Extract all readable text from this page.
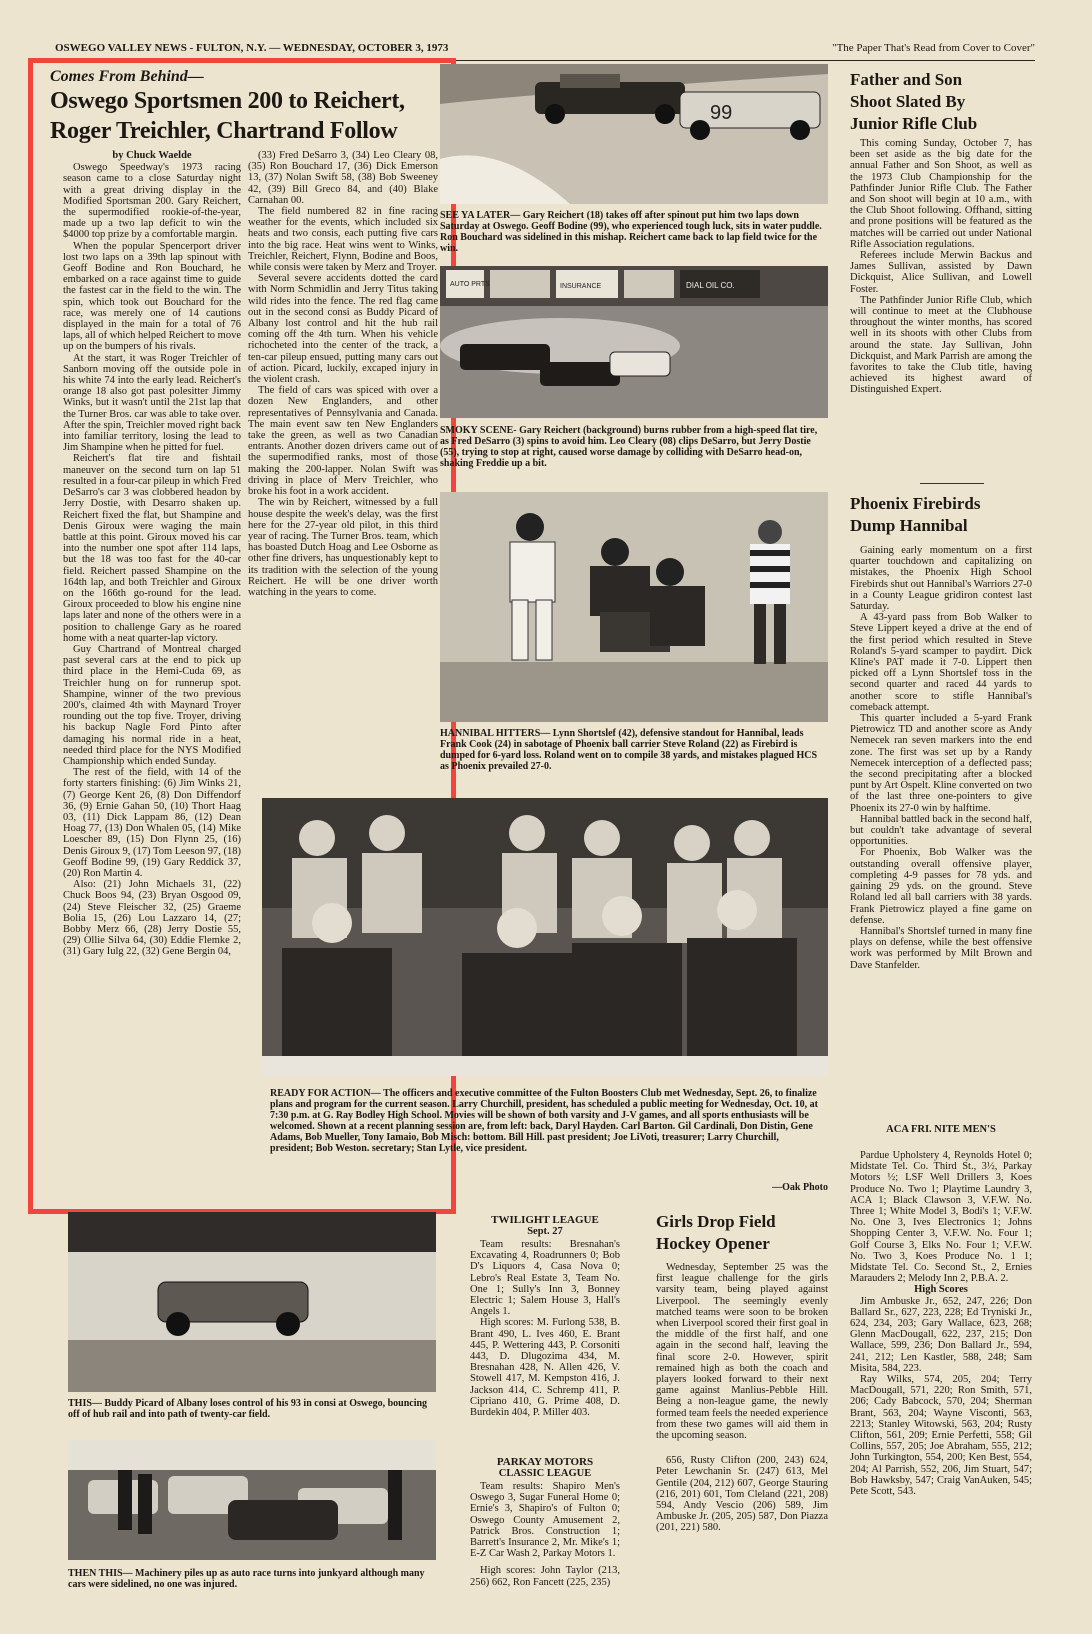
OSWEGO VALLEY NEWS - FULTON, N.Y. — WEDNESDAY, OCTOBER 3, 1973	"The Paper That's Read from Cover to Cover"
Comes From Behind—
Oswego Sportsmen 200 to Reichert,
Roger Treichler, Chartrand Follow
by Chuck Waelde

Oswego Speedway's 1973 racing season came to a close Saturday night with a great driving display in the Modified Sportsman 200. Gary Reichert, the supermodified rookie-of-the-year, made up a two lap deficit to win the $4000 top prize by a comfortable margin.

When the popular Spencerport driver lost two laps on a 39th lap spinout with Geoff Bodine and Ron Bouchard, he embarked on a race against time to guide the fastest car in the field to the win. The spin, which took out Bouchard for the race, was merely one of 14 cautions displayed in the main for a total of 76 laps, all of which helped Reichert to move up on the bumpers of his rivals.

At the start, it was Roger Treichler of Sanborn moving off the outside pole in his white 74 into the early lead. Reichert's orange 18 also got past polesitter Jimmy Winks, but it wasn't until the 21st lap that the Turner Bros. car was able to take over. After the spin, Treichler moved right back into familiar territory, losing the lead to Jim Shampine when he pitted for fuel.

Reichert's flat tire and fishtail maneuver on the second turn on lap 51 resulted in a four-car pileup in which Fred DeSarro's car 3 was clobbered headon by Jerry Dostie, with Desarro shaken up. Reichert fixed the flat, but Shampine and Denis Giroux were waging the main battle at this point. Giroux moved his car into the number one spot after 114 laps, but the 18 was too fast for the 40-car field. Reichert passed Shampine on the 164th lap, and both Treichler and Giroux on the 166th go-round for the lead. Giroux proceeded to blow his engine nine laps later and none of the others were in a position to challenge Gary as he roared home with a neat quarter-lap victory.

Guy Chartrand of Montreal charged past several cars at the end to pick up third place in the Hemi-Cuda 69, as Treichler hung on for runnerup spot. Shampine, winner of the two previous 200's, claimed 4th with Maynard Troyer rounding out the top five. Troyer, driving his backup Nagle Ford Pinto after damaging his normal ride in a heat, needed third place for the NYS Modified Championship which ended Sunday.

The rest of the field, with 14 of the forty starters finishing: (6) Jim Winks 21, (7) George Kent 26, (8) Don Diffendorf 36, (9) Ernie Gahan 50, (10) Thort Haag 03, (11) Dick Lappam 86, (12) Dean Hoag 77, (13) Don Whalen 05, (14) Mike Loescher 89, (15) Don Flynn 25, (16) Denis Giroux 9, (17) Tom Leeson 97, (18) Geoff Bodine 99, (19) Gary Reddick 37, (20) Ron Martin 4.

Also: (21) John Michaels 31, (22) Chuck Boos 94, (23) Bryan Osgood 09, (24) Steve Fleischer 32, (25) Graeme Bolia 15, (26) Lou Lazzaro 14, (27; Bobby Merz 66, (28) Jerry Dostie 55, (29) Ollie Silva 64, (30) Eddie Flemke 2, (31) Gary Iulg 22, (32) Gene Bergin 04,

(33) Fred DeSarro 3, (34) Leo Cleary 08, (35) Ron Bouchard 17, (36) Dick Emerson 13, (37) Nolan Swift 58, (38) Bob Sweeney 42, (39) Bill Greco 84, and (40) Blake Carnahan 00.

The field numbered 82 in fine racing weather for the events, which included six heats and two consis, each putting five cars into the big race. Heat wins went to Winks, Treichler, Reichert, Flynn, Bodine and Boos, while consis were taken by Merz and Troyer.

Several severe accidents dotted the card with Norm Schmidlin and Jerry Titus taking wild rides into the fence. The red flag came out in the second consi as Buddy Picard of Albany lost control and hit the hub rail coming off the 4th turn. When his vehicle richocheted into the center of the track, a ten-car pileup ensued, putting many cars out of action. Picard, luckily, excaped injury in the violent crash.

The field of cars was spiced with over a dozen New Englanders, and other representatives of Pennsylvania and Canada. The main event saw ten New Englanders take the green, as well as two Canadian entrants. Another dozen drivers came out of the supermodified ranks, most of those making the 200-lapper. Nolan Swift was driving in place of Merv Treichler, who broke his foot in a work accident.

The win by Reichert, witnessed by a full house despite the week's delay, was the first here for the 27-year old pilot, in this third year of racing. The Turner Bros. team, which has boasted Dutch Hoag and Lee Osborne as other fine drivers, has unquestionably kept to its tradition with the selection of the young Reichert. He will be one driver worth watching in the years to come.

99
SEE YA LATER— Gary Reichert (18) takes off after spinout put him two laps down Saturday at Oswego. Geoff Bodine (99), who experienced tough luck, sits in water puddle. Ron Bouchard was sidelined in this mishap. Reichert came back to lap field twice for the win.
AUTO PRTS	INSURANCE	DIAL OIL CO.
SMOKY SCENE- Gary Reichert (background) burns rubber from a high-speed flat tire, as Fred DeSarro (3) spins to avoid him. Leo Cleary (08) clips DeSarro, but Jerry Dostie (55), trying to stop at right, caused worse damage by colliding with DeSarro head-on, shaking Freddie up a bit.
HANNIBAL HITTERS— Lynn Shortslef (42), defensive standout for Hannibal, leads Frank Cook (24) in sabotage of Phoenix ball carrier Steve Roland (22) as Firebird is dumped for 6-yard loss. Roland went on to compile 38 yards, and mistakes plagued HCS as Phoenix prevailed 27-0.
READY FOR ACTION— The officers and executive committee of the Fulton Boosters Club met Wednesday, Sept. 26, to finalize plans and program for the current season. Larry Churchill, president, has scheduled a public meeting for Wednesday, Oct. 10, at 7:30 p.m. at G. Ray Bodley High School. Movies will be shown of both varsity and J-V games, and all sports enthusiasts will be welcomed. Shown at a recent planning session are, from left: back, Daryl Hayden. Carl Barton. Gil Cardinali, Don Distin, Gene Adams, Bob Mueller, Tony Iamaio, Bob Misch: bottom. Bill Hill. past president; Joe LiVoti, treasurer; Larry Churchill, president; Bob Weston. secretary; Stan Lytle, vice president.
—Oak Photo
Father and Son
Shoot Slated By
Junior Rifle Club

This coming Sunday, October 7, has been set aside as the big date for the annual Father and Son Shoot, as well as the 1973 Club Championship for the Pathfinder Junior Rifle Club. The Father and Son shoot will begin at 10 a.m., with the Club Shoot following. Offhand, sitting and prone positions will be featured as the matches will be carried out under National Rifle Association regulations.

Referees include Merwin Backus and James Sullivan, assisted by Dawn Dickquist, Alice Sullivan, and Lowell Foster.

The Pathfinder Junior Rifle Club, which will continue to meet at the Clubhouse throughout the winter months, has scored well in its shoots with other Clubs from around the state. Jay Sullivan, John Dickquist, and Mark Parrish are among the favorites to take the Club title, having achieved its highest award of Distinguished Expert.

Phoenix Firebirds
Dump Hannibal

Gaining early momentum on a first quarter touchdown and capitalizing on mistakes, the Phoenix High School Firebirds shut out Hannibal's Warriors 27-0 in a County League gridiron contest last Saturday.

A 43-yard pass from Bob Walker to Steve Lippert keyed a drive at the end of the first period which resulted in Steve Roland's 5-yard scamper to paydirt. Dick Kline's PAT made it 7-0. Lippert then picked off a Lynn Shortslef toss in the second quarter and raced 44 yards to another score to stifle Hannibal's comeback attempt.

This quarter included a 5-yard Frank Pietrowicz TD and another score as Andy Nemecek ran seven markers into the end zone. The first was set up by a Randy Nemecek interception of a deflected pass; the second precipitating after a blocked punt by Art Ospelt. Kline converted on two of the last three one-pointers to give Phoenix its 27-0 win by halftime.

Hannibal battled back in the second half, but couldn't take advantage of several opportunities.

For Phoenix, Bob Walker was the outstanding overall offensive player, completing 4-9 passes for 78 yds. and gaining 29 yds. on the ground. Steve Roland led all ball carriers with 38 yards. Frank Pietrowicz played a fine game on defense.

Hannibal's Shortslef turned in many fine plays on defense, while the best offensive work was performed by Milt Brown and Dave Stanfelder.

ACA FRI. NITE MEN'S

Pardue Upholstery 4, Reynolds Hotel 0; Midstate Tel. Co. Third St., 3½, Parkay Motors ½; LSF Well Drillers 3, Koes Produce No. Two 1; Playtime Laundry 3, ACA 1; Black Clawson 3, V.F.W. No. Three 1; White Model 3, Bodi's 1; V.F.W. No. One 3, Ives Electronics 1; Johns Shopping Center 3, V.F.W. No. Four 1; Golf Course 3, Elks No. Four 1; V.F.W. No. Two 3, Koes Produce No. 1 1; Midstate Tel. Co. Second St., 2, Ernies Marauders 2; Melody Inn 2, P.B.A. 2.

High Scores

Jim Ambuske Jr., 652, 247, 226; Don Ballard Sr., 627, 223, 228; Ed Tryniski Jr., 624, 234, 203; Gary Wallace, 623, 268; Glenn MacDougall, 622, 237, 215; Don Wallace, 599, 236; Don Ballard Jr., 594, 241, 212; Len Kastler, 588, 248; Sam Misita, 584, 223.

Ray Wilks, 574, 205, 204; Terry MacDougall, 571, 220; Ron Smith, 571, 206; Cady Babcock, 570, 204; Sherman Brant, 563, 204; Wayne Visconti, 563, 2213; Stanley Witowski, 563, 204; Rusty Clifton, 561, 209; Ernie Perfetti, 558; Gil Collins, 557, 205; Joe Abraham, 555, 212; John Turkington, 554, 200; Ken Best, 554, 204; Al Parrish, 552, 206, Jim Stuart, 547; Bob Hawksby, 547; Craig VanAuken, 545; Pete Scott, 543.

THIS— Buddy Picard of Albany loses control of his 93 in consi at Oswego, bouncing off of hub rail and into path of twenty-car field.
THEN THIS— Machinery piles up as auto race turns into junkyard although many cars were sidelined, no one was injured.
TWILIGHT LEAGUE
Sept. 27

Team results: Bresnahan's Excavating 4, Roadrunners 0; Bob D's Liquors 4, Casa Nova 0; Lebro's Real Estate 3, Team No. One 1; Sully's Inn 3, Bonney Electric 1; Salem House 3, Hall's Angels 1.

High scores: M. Furlong 538, B. Brant 490, L. Ives 460, E. Brant 445, P. Wettering 443, P. Corsoniti 443, D. Dlugozima 434, M. Bresnahan 428, N. Allen 426, V. Stowell 417, M. Kempston 416, J. Jackson 414, C. Schremp 411, P. Cipriano 410, G. Prime 408, D. Burdekin 404, P. Miller 403.

PARKAY MOTORS
CLASSIC LEAGUE

Team results: Shapiro Men's Oswego 3, Sugar Funeral Home 0; Ernie's 3, Shapiro's of Fulton 0; Oswego County Amusement 2, Patrick Bros. Construction 1; Barrett's Insurance 2, Mr. Mike's 1; E-Z Car Wash 2, Parkay Motors 1.

High scores: John Taylor (213, 256) 662, Ron Fancett (225, 235)

Girls Drop Field
Hockey Opener

Wednesday, September 25 was the first league challenge for the girls varsity team, being played against Liverpool. The seemingly evenly matched teams were soon to be broken when Liverpool scored their first goal in the middle of the first half, and one again in the second half, leaving the final score 2-0. However, spirit remained high as both the coach and players looked forward to their next game against Manlius-Pebble Hill. Being a non-league game, the newly formed team feels the needed experience from these two games will aid them in the upcoming season.

656, Rusty Clifton (200, 243) 624, Peter Lewchanin Sr. (247) 613, Mel Gentile (204, 212) 607, George Stauring (216, 201) 601, Tom Cleland (221, 208) 594, Andy Vescio (206) 589, Jim Ambuske Jr. (205, 205) 587, Don Piazza (201, 221) 580.
